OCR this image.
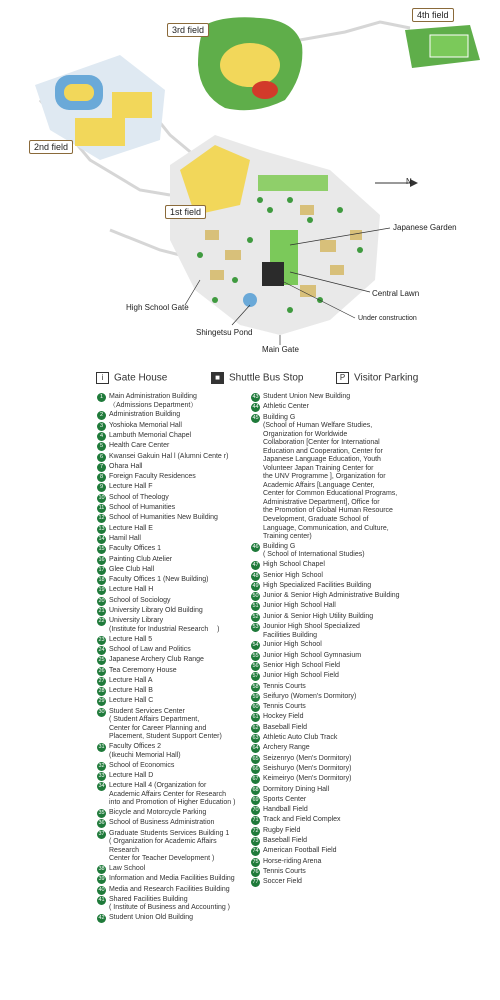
N
3rd field
4th field
2nd field
1st field
Japanese Garden
Central Lawn
Under construction
High School Gate
Shingetsu Pond
Main Gate
i Gate House	■ Shuttle Bus Stop	P Visitor Parking
1 Main Administration Building
（Admissions Department）
2 Administration Building
3 Yoshioka Memorial Hall
4 Lambuth Memorial Chapel
5 Health Care Center
6 Kwansei Gakuin Hal l (Alumni Cente r)
7 Ohara Hall
8 Foreign Faculty Residences
9 Lecture Hall F
10 School of Theology
11 School of Humanities
12 School of Humanities New Building
13 Lecture Hall E
14 Hamil Hall
15 Faculty Offices 1
16 Painting Club Atelier
17 Glee Club Hall
18 Faculty Offices 1 (New Building)
19 Lecture Hall H
20 School of Sociology
21 University Library Old Building
22 University Library
(Institute for Industrial Research　 )
23 Lecture Hall 5
24 School of Law and Politics
25 Japanese Archery Club Range
26 Tea Ceremony House
27 Lecture Hall A
28 Lecture Hall B
29 Lecture Hall C
30 Student Services Center
( Student Affairs Department,
Center for Career Planning and
Placement, Student Support Center)
31 Faculty Offices 2
(Ikeuchi Memorial Hall)
32 School of Economics
33 Lecture Hall D
34 Lecture Hall 4 (Organization for
Academic Affairs Center for Research
into and Promotion of Higher Education )
35 Bicycle and Motorcycle Parking
36 School of Business Administration
37 Graduate Students Services Building 1
( Organization for Academic Affairs Research
Center for Teacher Development )
38 Law School
39 Information and Media Facilities Building
40 Media and Research Facilities Building
41 Shared Facilities Building
( Institute of Business and Accounting )
42 Student Union Old Building
43 Student Union New Building
44 Athletic Center
45 Building G
(School of Human Welfare Studies,
Organization for Worldwide
Collaboration [Center for International
Education and Cooperation, Center for
Japanese Language Education, Youth
Volunteer Japan Training Center for
the UNV Programme ], Organization for
Academic Affairs [Language Center,
Center for Common Educational Programs,
Administrative Department], Office for
the Promotion of Global Human Resource
Development, Graduate School of
Language, Communication, and Culture,
Training center)
46 Building G
( School of International Studies)
47 High School Chapel
48 Senior High School
49 High Specialized Facilities Building
50 Junior & Senior High Administrative Building
51 Junior High School Hall
52 Junior & Senior High Utility Building
53 Jounior High Shool Specialized
Facilities Building
54 Junior High School
55 Junior High School Gymnasium
56 Senior High School Field
57 Junior High School Field
58 Tennis Courts
59 Seifuryo (Women's Dormitory)
60 Tennis Courts
61 Hockey Field
62 Baseball Field
63 Athletic Auto Club Track
64 Archery Range
65 Seizenryo (Men's Dormitory)
66 Seishuryo (Men's Dormitory)
67 Keimeiryo (Men's Dormitory)
68 Dormitory Dining Hall
69 Sports Center
70 Handball Field
71 Track and Field Complex
72 Rugby Field
73 Baseball Field
74 American Football Field
75 Horse-riding Arena
76 Tennis Courts
77 Soccer Field
